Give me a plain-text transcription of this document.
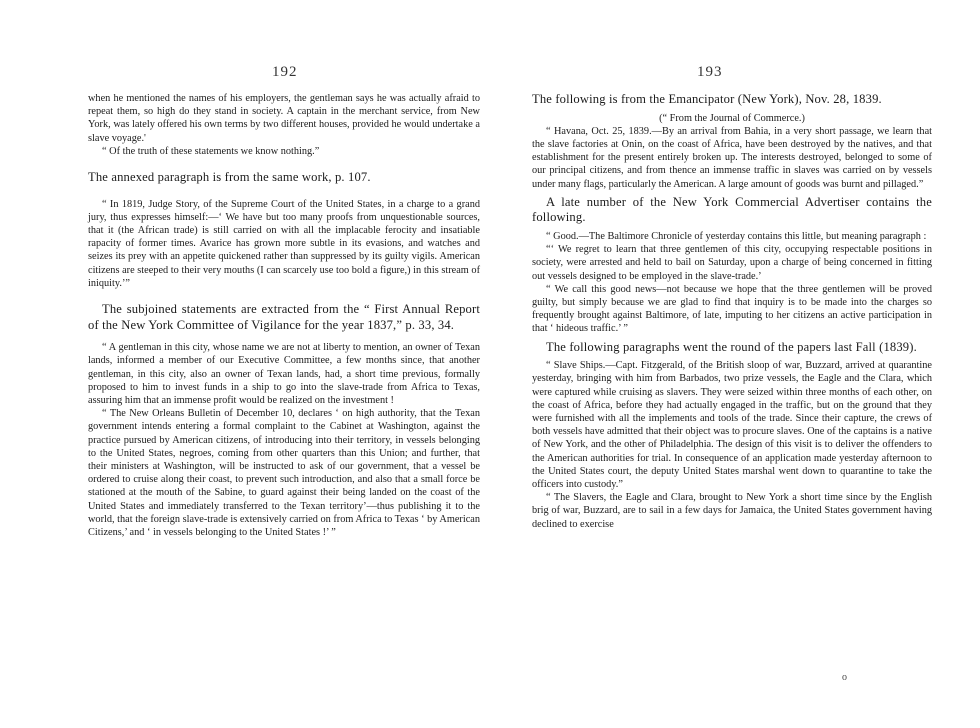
192

when he mentioned the names of his employers, the gentleman says he was actually afraid to repeat them, so high do they stand in society. A captain in the merchant service, from New York, was lately offered his own terms by two different houses, provided he would undertake a slave voyage.'

“ Of the truth of these statements we know nothing.”

The annexed paragraph is from the same work, p. 107.

“ In 1819, Judge Story, of the Supreme Court of the United States, in a charge to a grand jury, thus expresses himself:—‘ We have but too many proofs from unquestionable sources, that it (the African trade) is still carried on with all the implacable ferocity and insatiable rapacity of former times. Avarice has grown more subtle in its evasions, and watches and seizes its prey with an appetite quickened rather than suppressed by its guilty vigils. American citizens are steeped to their very mouths (I can scarcely use too bold a figure,) in this stream of iniquity.’”

The subjoined statements are extracted from the “ First Annual Report of the New York Committee of Vigilance for the year 1837,” p. 33, 34.

“ A gentleman in this city, whose name we are not at liberty to mention, an owner of Texan lands, informed a member of our Executive Committee, a few months since, that another gentleman, in this city, also an owner of Texan lands, had, a short time previous, formally proposed to him to invest funds in a ship to go into the slave-trade from Africa to Texas, assuring him that an immense profit would be realized on the investment !

“ The New Orleans Bulletin of December 10, declares ‘ on high authority, that the Texan government intends entering a formal complaint to the Cabinet at Washington, against the practice pursued by American citizens, of introducing into their territory, in vessels belonging to the United States, negroes, coming from other quarters than this Union; and further, that their ministers at Washington, will be instructed to ask of our government, that a vessel be ordered to cruise along their coast, to prevent such introduction, and also that a small force be stationed at the mouth of the Sabine, to guard against their being landed on the coast of the United States and immediately transferred to the Texan territory’—thus publishing it to the world, that the foreign slave-trade is extensively carried on from Africa to Texas ‘ by American Citizens,’ and ‘ in vessels belonging to the United States !’ ”

193

The following is from the Emancipator (New York), Nov. 28, 1839.

(“ From the Journal of Commerce.)

“ Havana, Oct. 25, 1839.—By an arrival from Bahia, in a very short passage, we learn that the slave factories at Onin, on the coast of Africa, have been destroyed by the natives, and that establishment for the present entirely broken up. The interests destroyed, belonged to some of our principal citizens, and from thence an immense traffic in slaves was carried on by vessels under many flags, particularly the American. A large amount of goods was burnt and pillaged.”

A late number of the New York Commercial Advertiser contains the following.

“ Good.—The Baltimore Chronicle of yesterday contains this little, but meaning paragraph :

“‘ We regret to learn that three gentlemen of this city, occupying respectable positions in society, were arrested and held to bail on Saturday, upon a charge of being concerned in fitting out vessels designed to be employed in the slave-trade.’

“ We call this good news—not because we hope that the three gentlemen will be proved guilty, but simply because we are glad to find that inquiry is to be made into the charges so frequently brought against Baltimore, of late, imputing to her citizens an active participation in that ‘ hideous traffic.’ ”

The following paragraphs went the round of the papers last Fall (1839).

“ Slave Ships.—Capt. Fitzgerald, of the British sloop of war, Buzzard, arrived at quarantine yesterday, bringing with him from Barbados, two prize vessels, the Eagle and the Clara, which were captured while cruising as slavers. They were seized within three months of each other, on the coast of Africa, before they had actually engaged in the traffic, but on the ground that they were furnished with all the implements and tools of the trade. Since their capture, the crews of both vessels have admitted that their object was to procure slaves. One of the captains is a native of New York, and the other of Philadelphia. The design of this visit is to deliver the offenders to the American authorities for trial. In consequence of an application made yesterday afternoon to the United States court, the deputy United States marshal went down to quarantine to take the officers into custody.”

“ The Slavers, the Eagle and Clara, brought to New York a short time since by the English brig of war, Buzzard, are to sail in a few days for Jamaica, the United States government having declined to exercise

o
